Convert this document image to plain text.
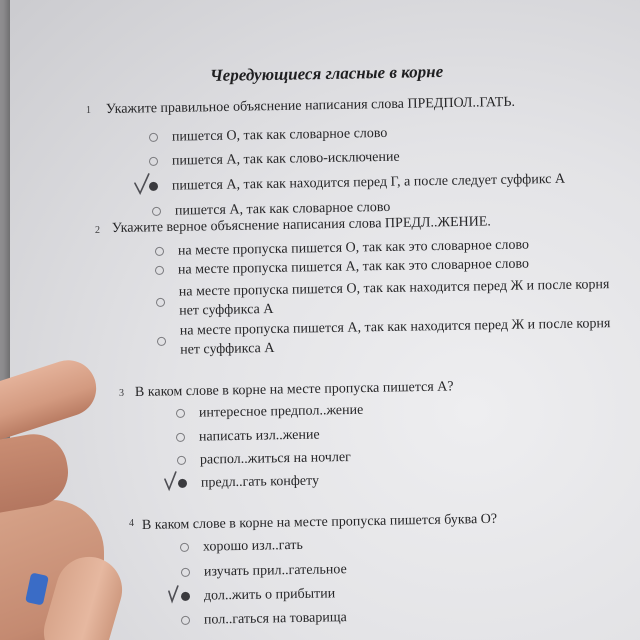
Чередующиеся гласные в корне
1 Укажите правильное объяснение написания слова ПРЕДПОЛ..ГАТЬ.
пишется О, так как словарное слово
пишется А, так как слово-исключение
пишется А, так как находится перед Г, а после следует суффикс А
пишется А, так как словарное слово
2 Укажите верное объяснение написания слова ПРЕДЛ..ЖЕНИЕ.
на месте пропуска пишется О, так как это словарное слово
на месте пропуска пишется А, так как это словарное слово
на месте пропуска пишется О, так как находится перед Ж и после корня нет суффикса А
на месте пропуска пишется А, так как находится перед Ж и после корня нет суффикса А
3 В каком слове в корне на месте пропуска пишется А?
интересное предпол..жение
написать изл..жение
распол..житься на ночлег
предл..гать конфету
4 В каком слове в корне на месте пропуска пишется буква О?
хорошо изл..гать
изучать прил..гательное
дол..жить о прибытии
пол..гаться на товарища
